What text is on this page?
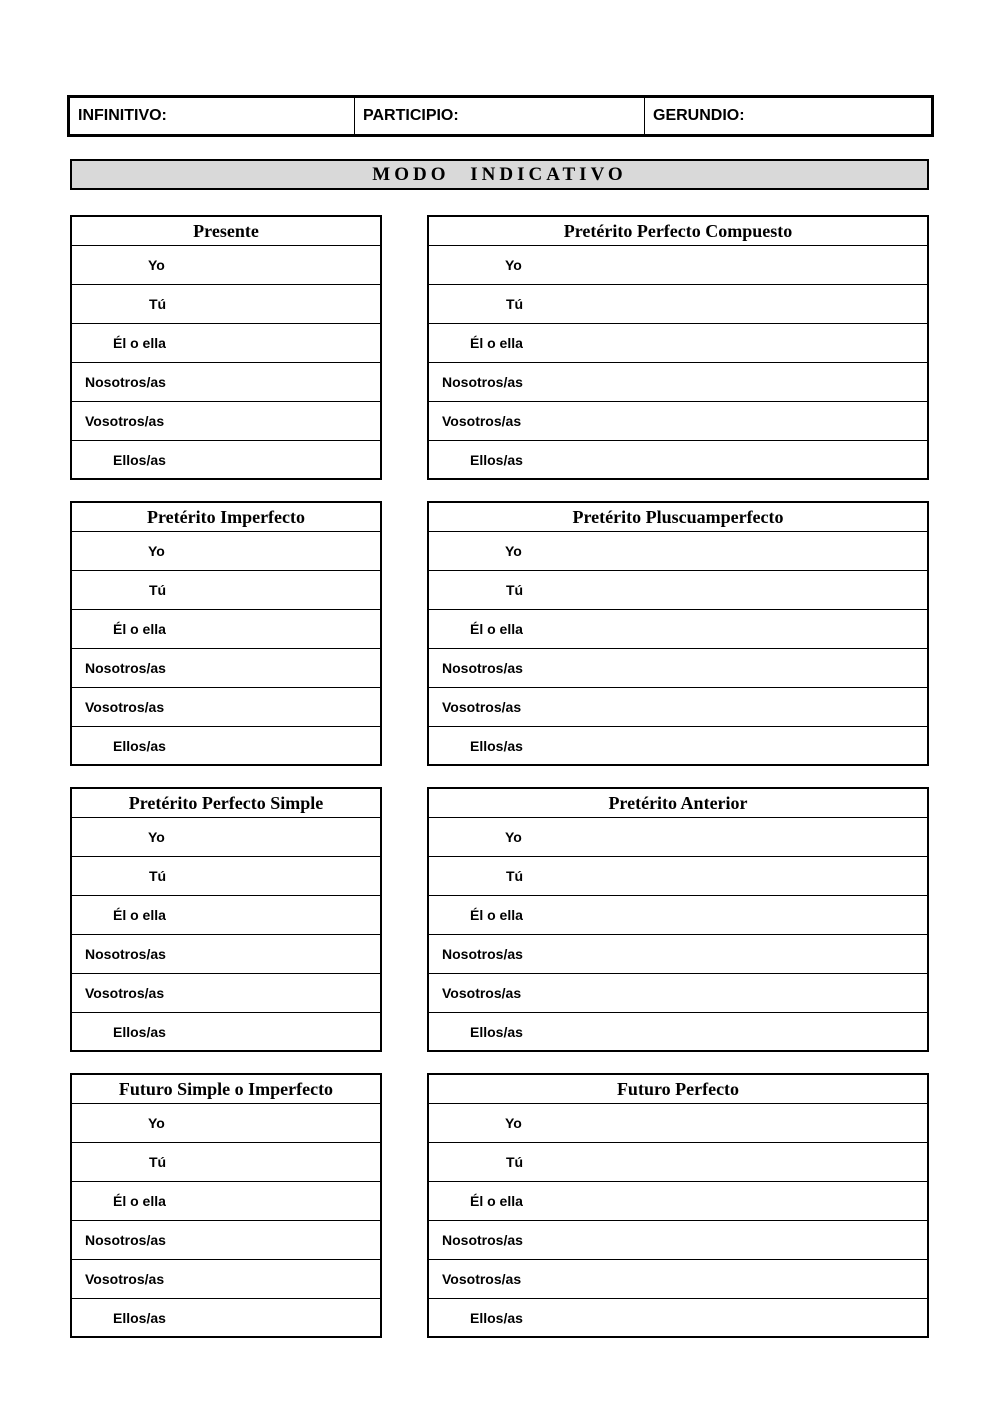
INFINITIVO:	PARTICIPIO:	GERUNDIO:
MODO INDICATIVO
Presente
Yo
Tú
Él o ella
Nosotros/as
Vosotros/as
Ellos/as
Pretérito Perfecto Compuesto
Yo
Tú
Él o ella
Nosotros/as
Vosotros/as
Ellos/as
Pretérito Imperfecto
Yo
Tú
Él o ella
Nosotros/as
Vosotros/as
Ellos/as
Pretérito Pluscuamperfecto
Yo
Tú
Él o ella
Nosotros/as
Vosotros/as
Ellos/as
Pretérito Perfecto Simple
Yo
Tú
Él o ella
Nosotros/as
Vosotros/as
Ellos/as
Pretérito Anterior
Yo
Tú
Él o ella
Nosotros/as
Vosotros/as
Ellos/as
Futuro Simple o Imperfecto
Yo
Tú
Él o ella
Nosotros/as
Vosotros/as
Ellos/as
Futuro Perfecto
Yo
Tú
Él o ella
Nosotros/as
Vosotros/as
Ellos/as
